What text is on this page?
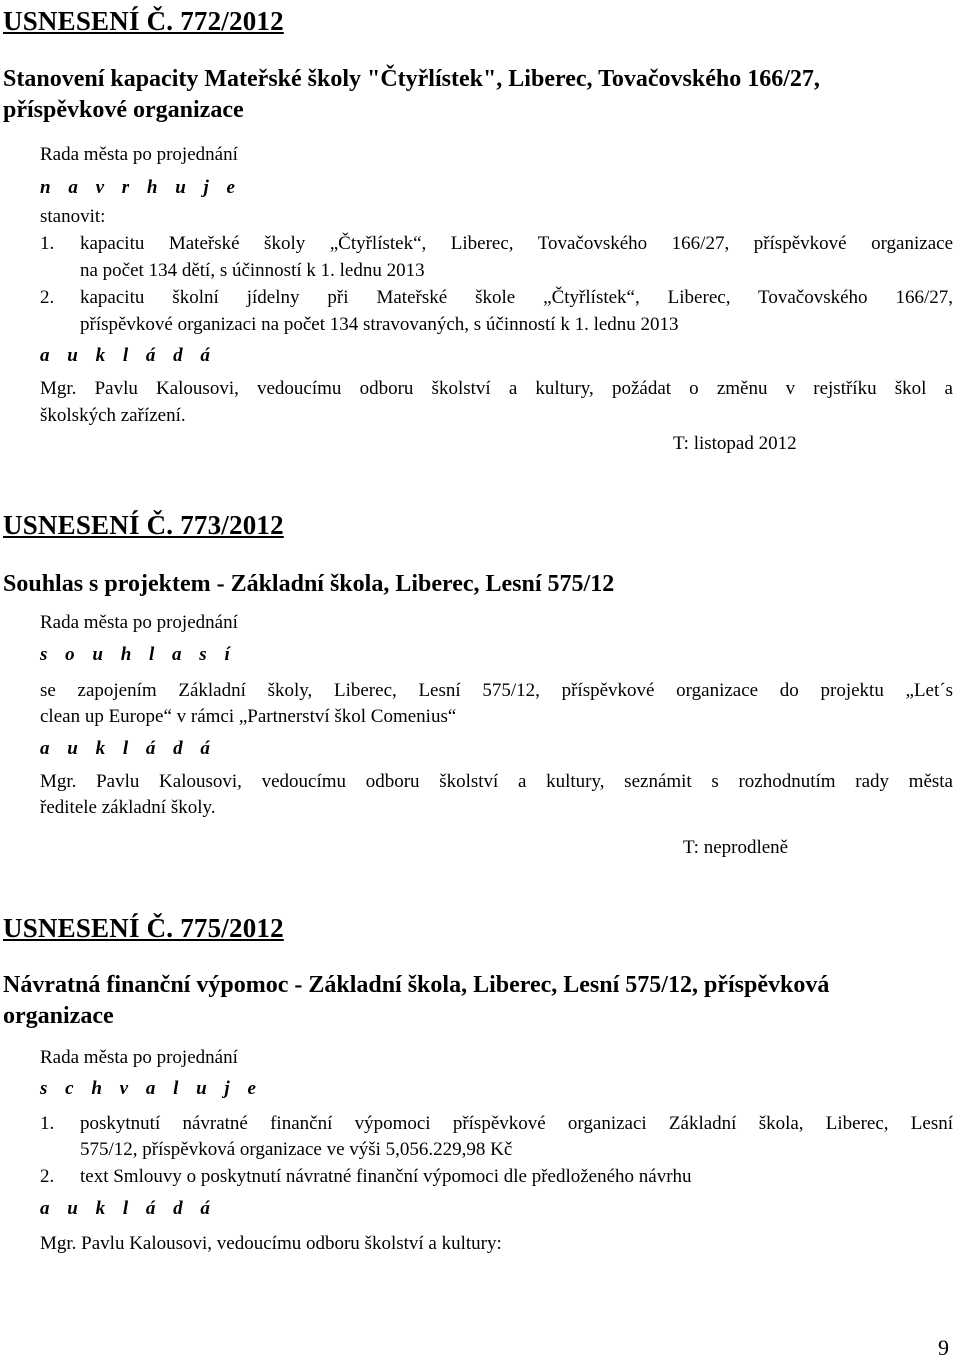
USNESENÍ Č. 772/2012
Stanovení kapacity Mateřské školy "Čtyřlístek", Liberec, Tovačovského 166/27,
příspěvkové organizace
Rada města po projednání
n a v r h u j e
stanovit:
1. kapacitu Mateřské školy „Čtyřlístek“, Liberec, Tovačovského 166/27, příspěvkové organizace
na počet 134 dětí, s účinností k 1. lednu 2013
2. kapacitu školní jídelny při Mateřské škole „Čtyřlístek“, Liberec, Tovačovského 166/27,
příspěvkové organizaci na počet 134 stravovaných, s účinností k 1. lednu 2013
a u k l á d á
Mgr. Pavlu Kalousovi, vedoucímu odboru školství a kultury, požádat o změnu v rejstříku škol a
školských zařízení.
T: listopad 2012
USNESENÍ Č. 773/2012
Souhlas s projektem - Základní škola, Liberec, Lesní 575/12
Rada města po projednání
s o u h l a s í
se zapojením Základní školy, Liberec, Lesní 575/12, příspěvkové organizace do projektu „Let´s
clean up Europe“ v rámci „Partnerství škol Comenius“
a u k l á d á
Mgr. Pavlu Kalousovi, vedoucímu odboru školství a kultury, seznámit s rozhodnutím rady města
ředitele základní školy.
T: neprodleně
USNESENÍ Č. 775/2012
Návratná finanční výpomoc - Základní škola, Liberec, Lesní 575/12, příspěvková
organizace
Rada města po projednání
s c h v a l u j e
1. poskytnutí návratné finanční výpomoci příspěvkové organizaci Základní škola, Liberec, Lesní
575/12, příspěvková organizace ve výši 5,056.229,98 Kč
2. text Smlouvy o poskytnutí návratné finanční výpomoci dle předloženého návrhu
a u k l á d á
Mgr. Pavlu Kalousovi, vedoucímu odboru školství a kultury:
9
